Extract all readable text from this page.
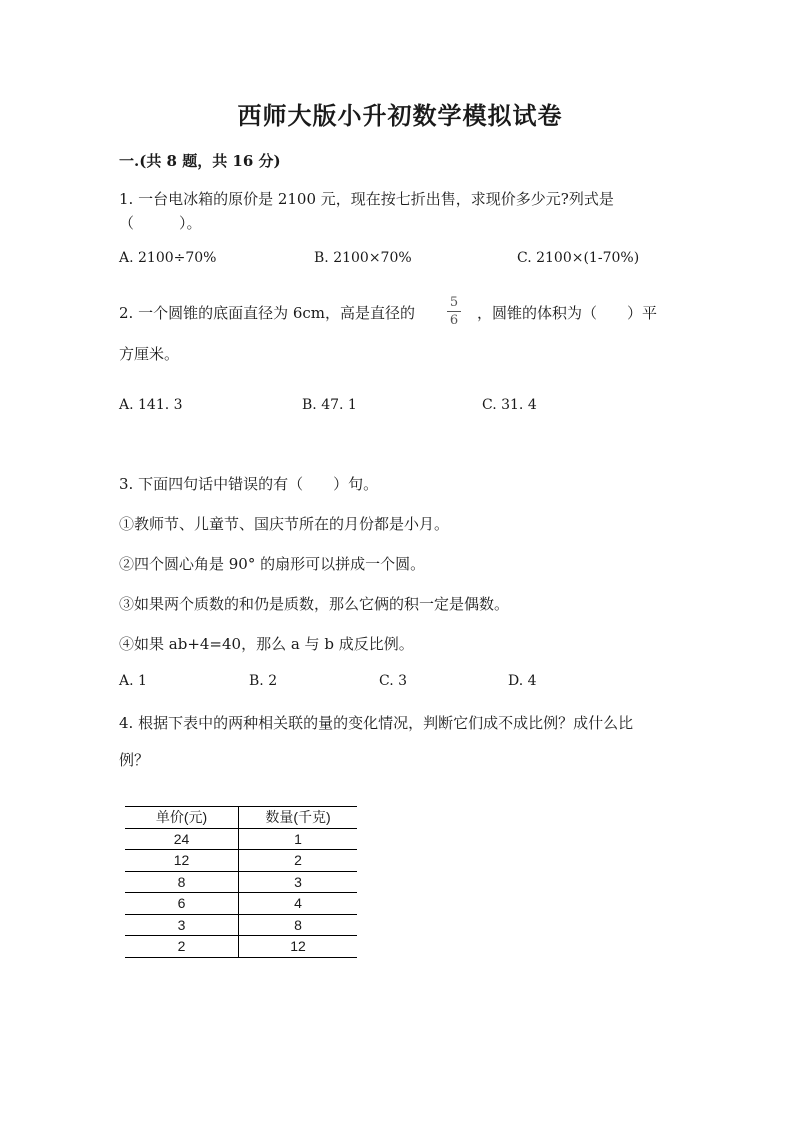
西师大版小升初数学模拟试卷
一.(共 8 题，共 16 分)
1. 一台电冰箱的原价是 2100 元，现在按七折出售，求现价多少元?列式是
（　　　）。
A. 2100÷70%	B. 2100×70%	C. 2100×(1-70%)
2. 一个圆锥的底面直径为 6cm，高是直径的
5
6 ，圆锥的体积为（　　）平
方厘米。
A. 141. 3	B. 47. 1	C. 31. 4
3. 下面四句话中错误的有（　　）句。
①教师节、儿童节、国庆节所在的月份都是小月。
②四个圆心角是 90° 的扇形可以拼成一个圆。
③如果两个质数的和仍是质数，那么它俩的积一定是偶数。
④如果 ab+4=40，那么 a 与 b 成反比例。
A. 1	B. 2	C. 3	D. 4
4. 根据下表中的两种相关联的量的变化情况，判断它们成不成比例？成什么比
例？
单价(元)	数量(千克)
24	1
12	2
8	3
6	4
3	8
2	12
